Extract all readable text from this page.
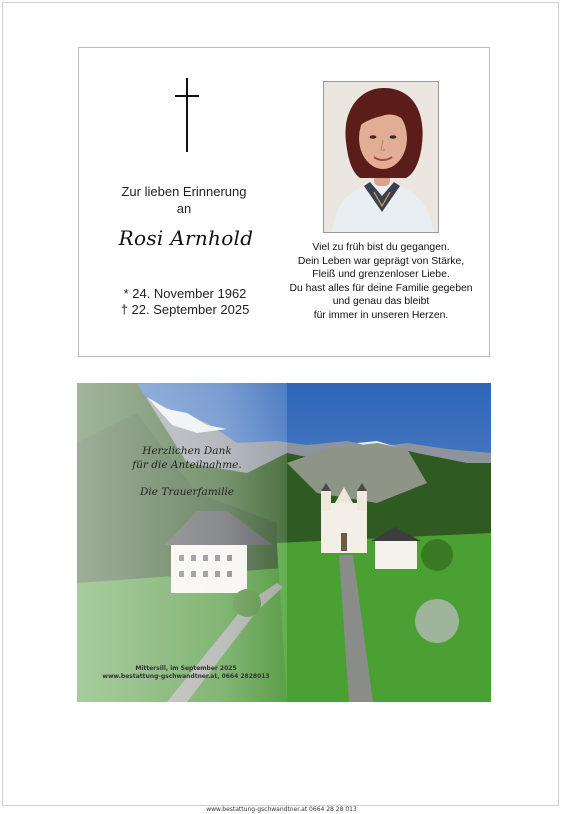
Zur lieben Erinnerung
an
Rosi Arnhold
* 24. November 1962
† 22. September 2025
Viel zu früh bist du gegangen.
Dein Leben war geprägt von Stärke,
Fleiß und grenzenloser Liebe.
Du hast alles für deine Familie gegeben
und genau das bleibt
für immer in unseren Herzen.
Herzlichen Dank
für die Anteilnahme.
Die Trauerfamilie
Mittersill, im September 2025
www.bestattung-gschwandtner.at, 0664 2828013
www.bestattung-gschwandtner.at 0664 28 28 013
